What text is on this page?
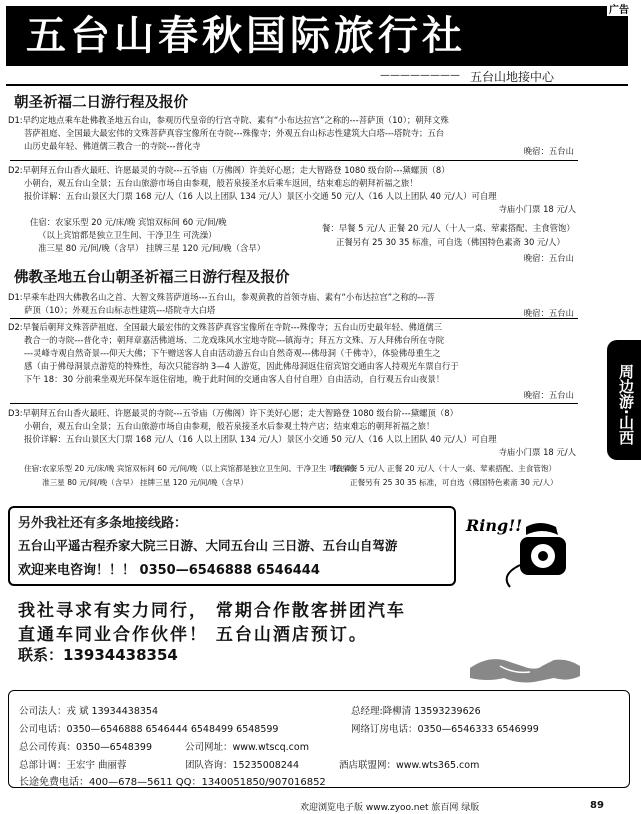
五台山春秋国际旅行社
广告
———————— 五台山地接中心
朝圣祈福二日游行程及报价
D1:早约定地点乘车赴佛教圣地五台山，参观历代皇帝的行宫寺院、素有“小布达拉宫”之称的---菩萨顶（10）；朝拜文殊
菩萨祖庭、全国最大最宏伟的文殊菩萨真容宝像所在寺院---殊像寺；外观五台山标志性建筑大白塔---塔院寺；五台
山历史最年轻、佛道儒三教合一的寺院---普化寺	晚宿：五台山
D2:早朝拜五台山香火最旺、许愿最灵的寺院---五爷庙（万佛阁）许美好心愿；走大智路登 1080 级台阶---黛螺顶（8）
小朝台，观五台山全景；五台山旅游市场自由参观，般若泉接圣水后乘车返回，结束难忘的朝拜祈福之旅！
报价详解：五台山景区大门票 168 元/人（16 人以上团队 134 元/人）景区小交通 50 元/人（16 人以上团队 40 元/人）可自理
寺庙小门票 18 元/人
住宿：农家乐型 20 元/床/晚 宾馆双标间 60 元/间/晚
（以上宾馆都是独立卫生间、干净卫生 可洗澡）
准三星 80 元/间/晚（含早） 挂牌三星 120 元/间/晚（含早）
餐：早餐 5 元/人 正餐 20 元/人（十人一桌、荤素搭配、主食管饱）
正餐另有 25 30 35 标准，可自选（佛国特色素斋 30 元/人）
晚宿：五台山
佛教圣地五台山朝圣祈福三日游行程及报价
D1:早乘车赴四大佛教名山之首、大智文殊菩萨道场---五台山，参观黄教的首领寺庙、素有“小布达拉宫”之称的---菩
萨顶（10）；外观五台山标志性建筑---塔院寺大白塔	晚宿：五台山
D2:早餐后朝拜文殊菩萨祖庭、全国最大最宏伟的文殊菩萨真容宝像所在寺院---殊像寺；五台山历史最年轻、佛道儒三
教合一的寺院---普化寺；朝拜章嘉活佛道场、二龙戏珠风水宝地寺院---镇海寺；拜五方文殊、万人拜佛台所在寺院
---灵峰寺观自然奇景---仰天大佛；下午赠送客人自由活动游五台山自然奇观---佛母洞（千佛寺），体验佛母重生之
感（由于佛母洞景点游览的特殊性，每次只能容纳 3—4 人游览，因此佛母洞返住宿宾馆交通由客人持观光车票自行于
下午 18：30 分前乘坐观光环保车返住宿地，晚于此时间的交通由客人自付自理）自由活动，自行观五台山夜景！
晚宿：五台山
D3:早朝拜五台山香火最旺、许愿最灵的寺院---五爷庙（万佛阁）许下美好心愿；走大智路登 1080 级台阶---黛螺顶（8）
小朝台，观五台山全景；五台山旅游市场自由参观，般若泉接圣水后参观土特产店；结束难忘的朝拜祈福之旅！
报价详解：五台山景区大门票 168 元/人（16 人以上团队 134 元/人）景区小交通 50 元/人（16 人以上团队 40 元/人）可自理
寺庙小门票 18 元/人
住宿:农家乐型 20 元/床/晚 宾馆双标间 60 元/间/晚（以上宾馆都是独立卫生间、干净卫生 可洗澡）
准三星 80 元/间/晚（含早） 挂牌三星 120 元/间/晚（含早）
餐:早餐 5 元/人 正餐 20 元/人（十人一桌、荤素搭配、主食管饱）
正餐另有 25 30 35 标准，可自选（佛国特色素斋 30 元/人）
周边游·山西
另外我社还有多条地接线路：
五台山平遥古程乔家大院三日游、大同五台山 三日游、五台山自驾游
欢迎来电咨询！！！ 0350—6546888 6546444
Ring!!
我社寻求有实力同行， 常期合作散客拼团汽车
直通车同业合作伙伴！ 五台山酒店预订。
联系：13934438354
公司法人：戎 斌 13934438354	总经理:降柳清 13593239626
公司电话：0350—6546888 6546444 6548499 6548599	网络订房电话：0350—6546333 6546999
总公司传真：0350—6548399	公司网址：www.wtscq.com
总部计调：王宏宇 曲丽蓉	团队咨询：15235008244	酒店联盟网：www.wts365.com
长途免费电话：400—678—5611 QQ：1340051850/907016852
欢迎浏览电子版 www.zyoo.net 旅百网 绿版	89
